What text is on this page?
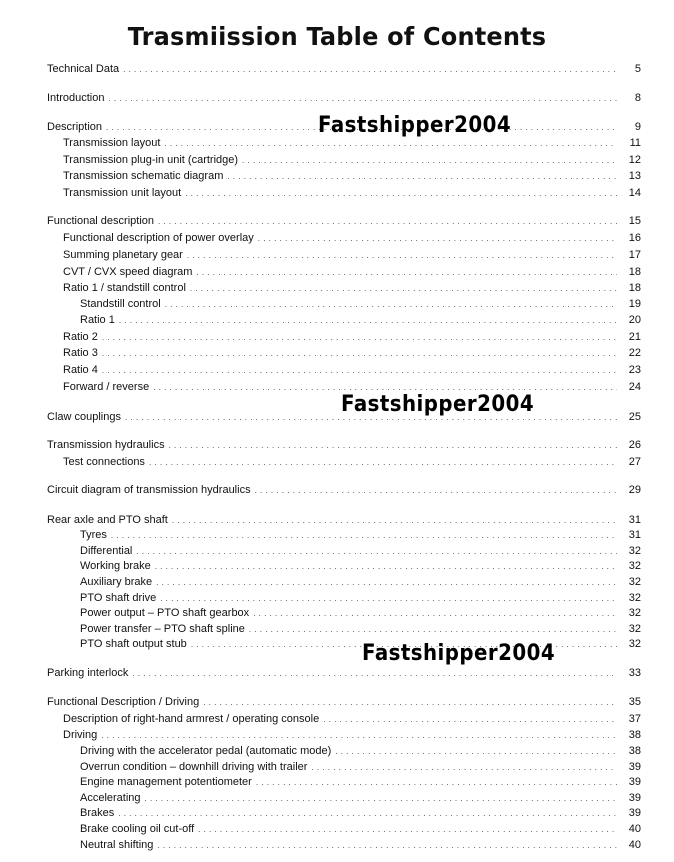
Trasmiission Table of Contents
Technical Data . . .	5
Introduction . . .	8
Description . . .	9
Transmission layout . . .	11
Transmission plug-in unit (cartridge) . . .	12
Transmission schematic diagram . . .	13
Transmission unit layout . . .	14
Functional description . . .	15
Functional description of power overlay . . .	16
Summing planetary gear . . .	17
CVT / CVX speed diagram . . .	18
Ratio 1 / standstill control . . .	18
Standstill control . . .	19
Ratio 1 . . .	20
Ratio 2 . . .	21
Ratio 3 . . .	22
Ratio 4 . . .	23
Forward / reverse . . .	24
Claw couplings . . .	25
Transmission hydraulics . . .	26
Test connections . . .	27
Circuit diagram of transmission hydraulics . . .	29
Rear axle and PTO shaft . . .	31
Tyres . . .	31
Differential . . .	32
Working brake . . .	32
Auxiliary brake . . .	32
PTO shaft drive . . .	32
Power output – PTO shaft gearbox . . .	32
Power transfer – PTO shaft spline . . .	32
PTO shaft output stub . . .	32
Parking interlock . . .	33
Functional Description / Driving . . .	35
Description of right-hand armrest / operating console . . .	37
Driving . . .	38
Driving with the accelerator pedal (automatic mode) . . .	38
Overrun condition – downhill driving with trailer . . .	39
Engine management potentiometer . . .	39
Accelerating . . .	39
Brakes . . .	39
Brake cooling oil cut-off . . .	40
Neutral shifting . . .	40
Fastshipper2004
Fastshipper2004
Fastshipper2004
